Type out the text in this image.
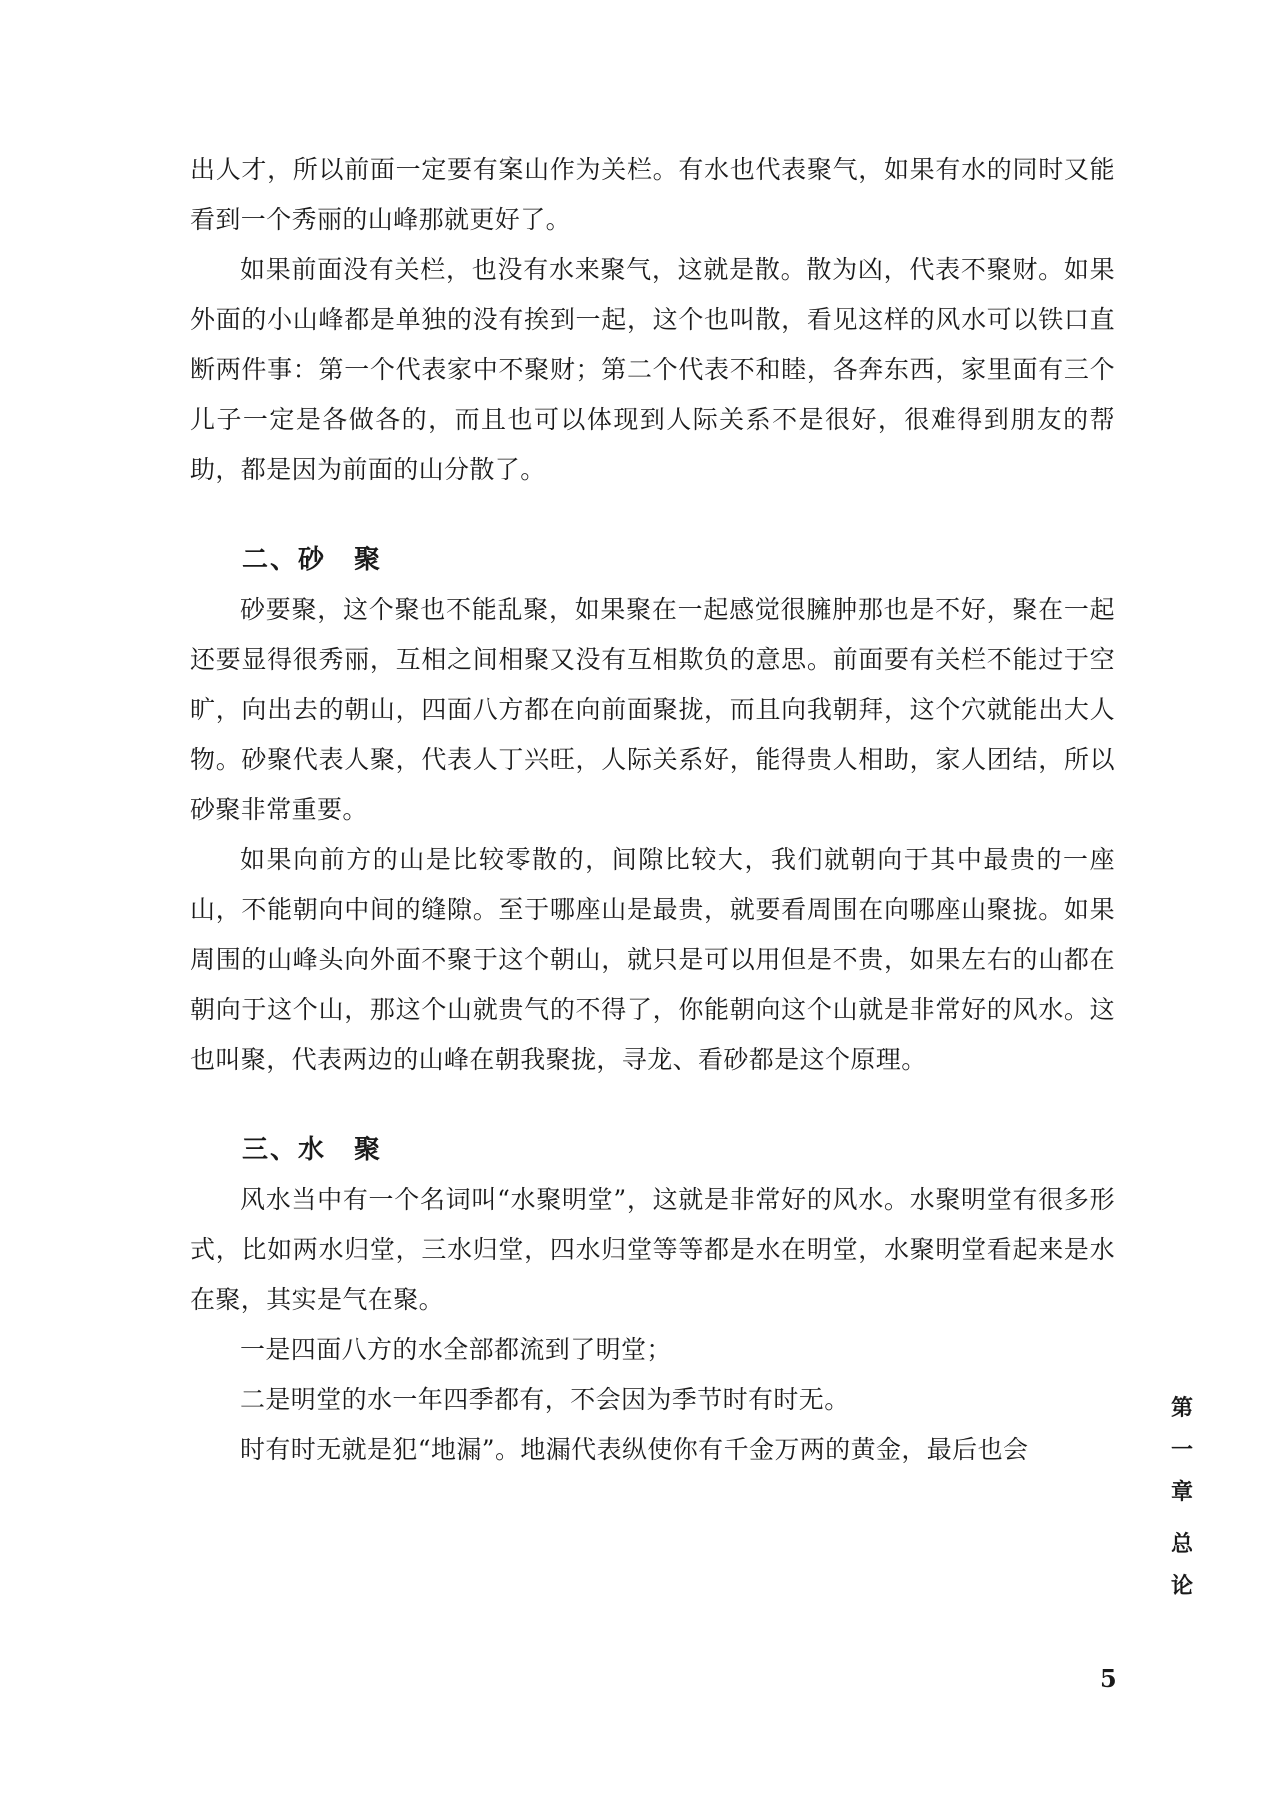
出人才，所以前面一定要有案山作为关栏。有水也代表聚气，如果有水的同时又能看到一个秀丽的山峰那就更好了。

如果前面没有关栏，也没有水来聚气，这就是散。散为凶，代表不聚财。如果外面的小山峰都是单独的没有挨到一起，这个也叫散，看见这样的风水可以铁口直断两件事：第一个代表家中不聚财；第二个代表不和睦，各奔东西，家里面有三个儿子一定是各做各的，而且也可以体现到人际关系不是很好，很难得到朋友的帮助，都是因为前面的山分散了。

二、砂　聚

砂要聚，这个聚也不能乱聚，如果聚在一起感觉很臃肿那也是不好，聚在一起还要显得很秀丽，互相之间相聚又没有互相欺负的意思。前面要有关栏不能过于空旷，向出去的朝山，四面八方都在向前面聚拢，而且向我朝拜，这个穴就能出大人物。砂聚代表人聚，代表人丁兴旺，人际关系好，能得贵人相助，家人团结，所以砂聚非常重要。

如果向前方的山是比较零散的，间隙比较大，我们就朝向于其中最贵的一座山，不能朝向中间的缝隙。至于哪座山是最贵，就要看周围在向哪座山聚拢。如果周围的山峰头向外面不聚于这个朝山，就只是可以用但是不贵，如果左右的山都在朝向于这个山，那这个山就贵气的不得了，你能朝向这个山就是非常好的风水。这也叫聚，代表两边的山峰在朝我聚拢，寻龙、看砂都是这个原理。

三、水　聚

风水当中有一个名词叫“水聚明堂”，这就是非常好的风水。水聚明堂有很多形式，比如两水归堂，三水归堂，四水归堂等等都是水在明堂，水聚明堂看起来是水在聚，其实是气在聚。

一是四面八方的水全部都流到了明堂；

二是明堂的水一年四季都有，不会因为季节时有时无。

时有时无就是犯“地漏”。地漏代表纵使你有千金万两的黄金，最后也会

第
一
章
总
论
5
